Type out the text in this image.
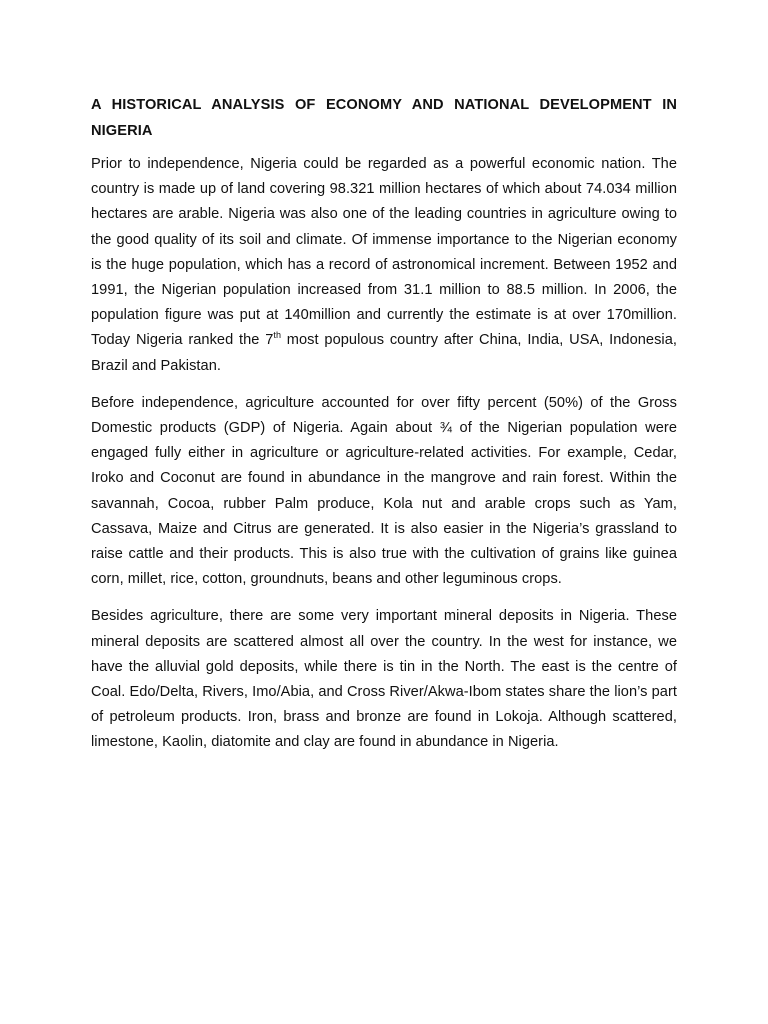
A HISTORICAL ANALYSIS OF ECONOMY AND NATIONAL DEVELOPMENT IN NIGERIA

Prior to independence, Nigeria could be regarded as a powerful economic nation. The country is made up of land covering 98.321 million hectares of which about 74.034 million hectares are arable. Nigeria was also one of the leading countries in agriculture owing to the good quality of its soil and climate. Of immense importance to the Nigerian economy is the huge population, which has a record of astronomical increment. Between 1952 and 1991, the Nigerian population increased from 31.1 million to 88.5 million. In 2006, the population figure was put at 140million and currently the estimate is at over 170million. Today Nigeria ranked the 7th most populous country after China, India, USA, Indonesia, Brazil and Pakistan.

Before independence, agriculture accounted for over fifty percent (50%) of the Gross Domestic products (GDP) of Nigeria. Again about ¾ of the Nigerian population were engaged fully either in agriculture or agriculture-related activities. For example, Cedar, Iroko and Coconut are found in abundance in the mangrove and rain forest. Within the savannah, Cocoa, rubber Palm produce, Kola nut and arable crops such as Yam, Cassava, Maize and Citrus are generated. It is also easier in the Nigeria’s grassland to raise cattle and their products. This is also true with the cultivation of grains like guinea corn, millet, rice, cotton, groundnuts, beans and other leguminous crops.

Besides agriculture, there are some very important mineral deposits in Nigeria. These mineral deposits are scattered almost all over the country. In the west for instance, we have the alluvial gold deposits, while there is tin in the North. The east is the centre of Coal. Edo/Delta, Rivers, Imo/Abia, and Cross River/Akwa-Ibom states share the lion’s part of petroleum products. Iron, brass and bronze are found in Lokoja. Although scattered, limestone, Kaolin, diatomite and clay are found in abundance in Nigeria.
